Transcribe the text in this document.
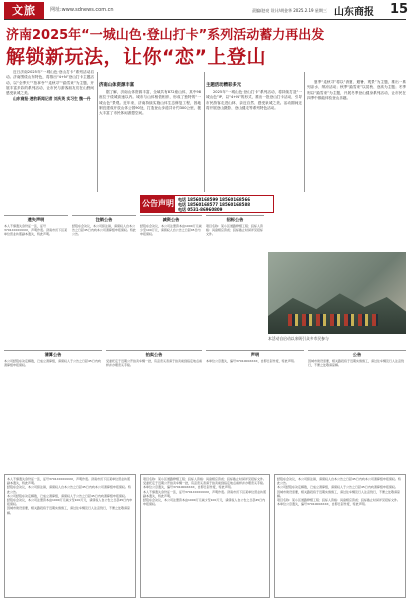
文旅	网址:www.sdnews.com.cn	责编/赵亮 设计/胡金华 2025.2.19 星期三 山东商报 15
济南2025年“一城山色·登山打卡”系列活动蓄力再出发
解锁新玩法，让你“恋”上登山

近日济南2025年“一城山色·登山打卡”系列活动启动。济南围绕山东特色，将推出“4+N”登山打卡主题活动，以“全季天”“拍拿寺”“觅秋寻”“踏雪来”为主题，开展丰富多彩的系列活动，让市民与游客朋友们在山野间感受泉城之美。

山东商报·速豹新闻记者 刘庆英 实习生 魏一丹

济南山体资源丰富

据了解，济南山体资源丰富，全域共有872座山体，其中98座位于绕城高速以内。城市与山体相依相伴，形成了独特的“一城山色”景观。近年来，济南持续实施山体生态修复工程，因地制宜建成开放山体公园90处，打造登山步道共计约300公里，极大丰富了市民休闲游憩空间。

主题活动精彩多元

2025年“一城山色·登山打卡”系列活动，将持续打造“一城山色”IP，以“4+N”的形式，推出一批登山打卡活动，引导市民游客走进山林、亲近自然、感受泉城之美。活动期间还将开展登山摄影、登山健走等系列特色活动。

夏季“觅秋寻”将以“消夏、避暑、观景”为主题，推出一系列亲水、纳凉活动；秋季“踏雪来”以赏秋、登高为主题；冬季则以“踏雪来”为主题，开展冬季登山健身系列活动，让市民在四季中都能体验登山乐趣。

本活动自启动以来吸引众多市民参与
公告声明 电话 18560168599 18560168566
电话 18560168577 18560168588
电话 0531-86960809
遗失声明
本人不慎遗失身份证一张，证号3701XXXXXXXX，声明作废。济南市历下区某单位营业执照副本遗失，特此声明。
注销公告
经股东会决议，本公司拟注销，请债权人自本公告之日起45日内向本公司清算组申报债权。特此公告。
减资公告
经股东会决议，本公司注册资本由1000万元减少至100万元，请债权人自公告之日起45日内申报债权。
招标公告
项目名称：某小区道路修缮工程；投标人资格：具备相应资质；投标截止时间详见招标文件。
清算公告
本公司经股东决定解散，已成立清算组，请债权人于公告之日起45日内向清算组申报债权。
拍卖公告
受委托定于近期公开拍卖车辆一批，有意竞买者请于拍卖前到指定地点看样并办理竞买手续。
声明
本单位公章遗失，编号3701000XXXX，自即日起作废，特此声明。
公告
因城市建设需要，相关路段将于近期实施施工，请过往车辆及行人注意绕行，不便之处敬请谅解。
本人不慎遗失身份证一张，证号3701XXXXXXXX，声明作废。济南市历下区某单位营业执照副本遗失，特此声明。
经股东会决议，本公司拟注销，请债权人自本公告之日起45日内向本公司清算组申报债权。特此公告。
本公司经股东决定解散，已成立清算组，请债权人于公告之日起45日内向清算组申报债权。
经股东会决议，本公司注册资本由1000万元减少至100万元，请债权人自公告之日起45日内申报债权。
因城市建设需要，相关路段将于近期实施施工，请过往车辆及行人注意绕行，不便之处敬请谅解。
项目名称：某小区道路修缮工程；投标人资格：具备相应资质；投标截止时间详见招标文件。
受委托定于近期公开拍卖车辆一批，有意竞买者请于拍卖前到指定地点看样并办理竞买手续。
本单位公章遗失，编号3701000XXXX，自即日起作废，特此声明。
本人不慎遗失身份证一张，证号3701XXXXXXXX，声明作废。济南市历下区某单位营业执照副本遗失，特此声明。
经股东会决议，本公司注册资本由1000万元减少至100万元，请债权人自公告之日起45日内申报债权。
经股东会决议，本公司拟注销，请债权人自本公告之日起45日内向本公司清算组申报债权。特此公告。
本公司经股东决定解散，已成立清算组，请债权人于公告之日起45日内向清算组申报债权。
因城市建设需要，相关路段将于近期实施施工，请过往车辆及行人注意绕行，不便之处敬请谅解。
项目名称：某小区道路修缮工程；投标人资格：具备相应资质；投标截止时间详见招标文件。
本单位公章遗失，编号3701000XXXX，自即日起作废，特此声明。
